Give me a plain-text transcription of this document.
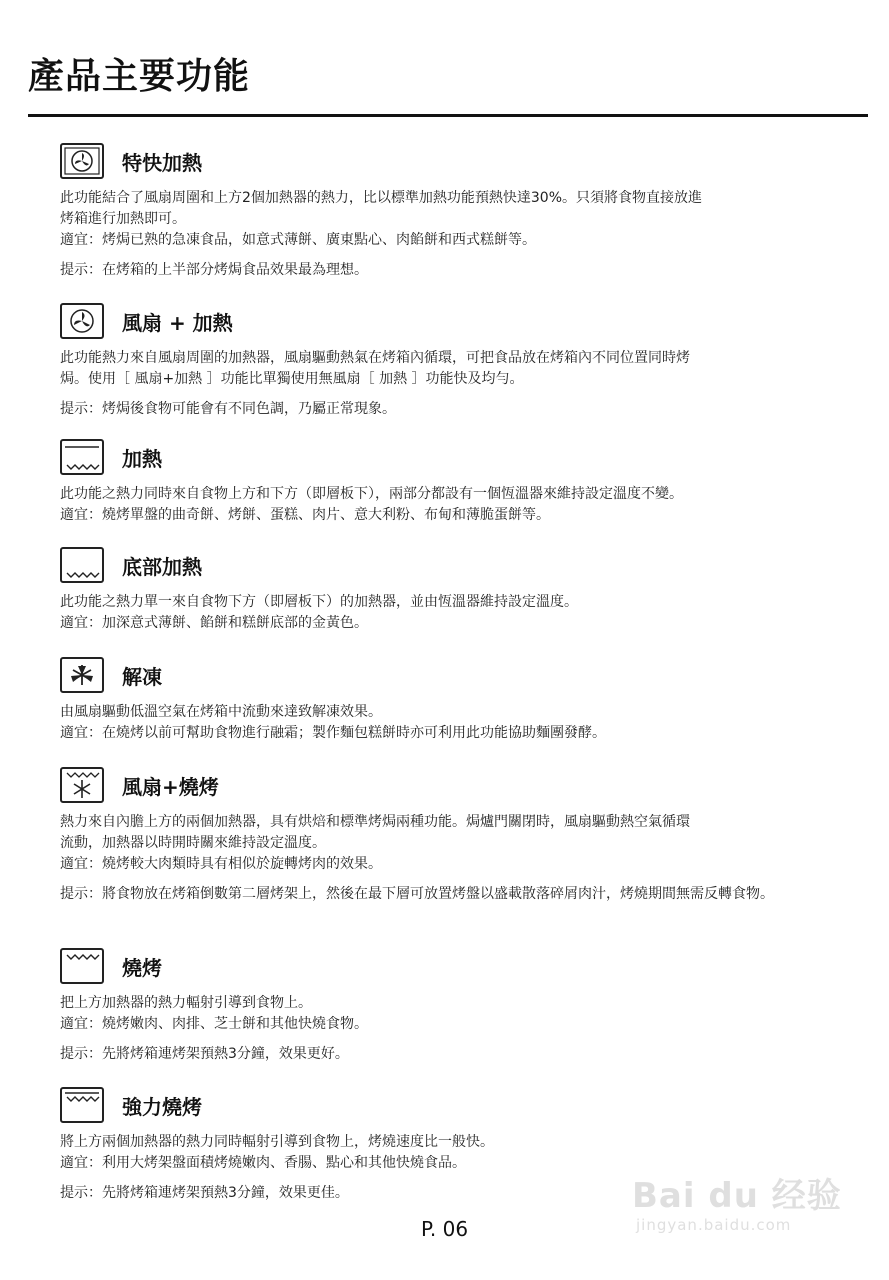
產品主要功能
特快加熱

此功能結合了風扇周圍和上方2個加熱器的熱力，比以標準加熱功能預熱快達30%。只須將食物直接放進

烤箱進行加熱即可。

適宜：烤焗已熟的急凍食品，如意式薄餅、廣東點心、肉餡餅和西式糕餅等。

提示：在烤箱的上半部分烤焗食品效果最為理想。

風扇 + 加熱

此功能熱力來自風扇周圍的加熱器，風扇驅動熱氣在烤箱內循環，可把食品放在烤箱內不同位置同時烤

焗。使用［ 風扇+加熱 ］功能比單獨使用無風扇［ 加熱 ］功能快及均勻。

提示：烤焗後食物可能會有不同色調，乃屬正常現象。

加熱

此功能之熱力同時來自食物上方和下方（即層板下），兩部分都設有一個恆溫器來維持設定溫度不變。

適宜：燒烤單盤的曲奇餅、烤餅、蛋糕、肉片、意大利粉、布甸和薄脆蛋餅等。

底部加熱

此功能之熱力單一來自食物下方（即層板下）的加熱器，並由恆溫器維持設定溫度。

適宜：加深意式薄餅、餡餅和糕餅底部的金黃色。

解凍

由風扇驅動低溫空氣在烤箱中流動來達致解凍效果。

適宜：在燒烤以前可幫助食物進行融霜；製作麵包糕餅時亦可利用此功能協助麵團發酵。

風扇+燒烤

熱力來自內膽上方的兩個加熱器，具有烘焙和標準烤焗兩種功能。焗爐門關閉時，風扇驅動熱空氣循環

流動，加熱器以時開時關來維持設定溫度。

適宜：燒烤較大肉類時具有相似於旋轉烤肉的效果。

提示：將食物放在烤箱倒數第二層烤架上，然後在最下層可放置烤盤以盛載散落碎屑肉汁，烤燒期間無需反轉食物。

燒烤

把上方加熱器的熱力輻射引導到食物上。

適宜：燒烤嫩肉、肉排、芝士餅和其他快燒食物。

提示：先將烤箱連烤架預熱3分鐘，效果更好。

強力燒烤

將上方兩個加熱器的熱力同時輻射引導到食物上，烤燒速度比一般快。

適宜：利用大烤架盤面積烤燒嫩肉、香腸、點心和其他快燒食品。

提示：先將烤箱連烤架預熱3分鐘，效果更佳。	Bai du 经验
jingyan.baidu.com
P. 06
